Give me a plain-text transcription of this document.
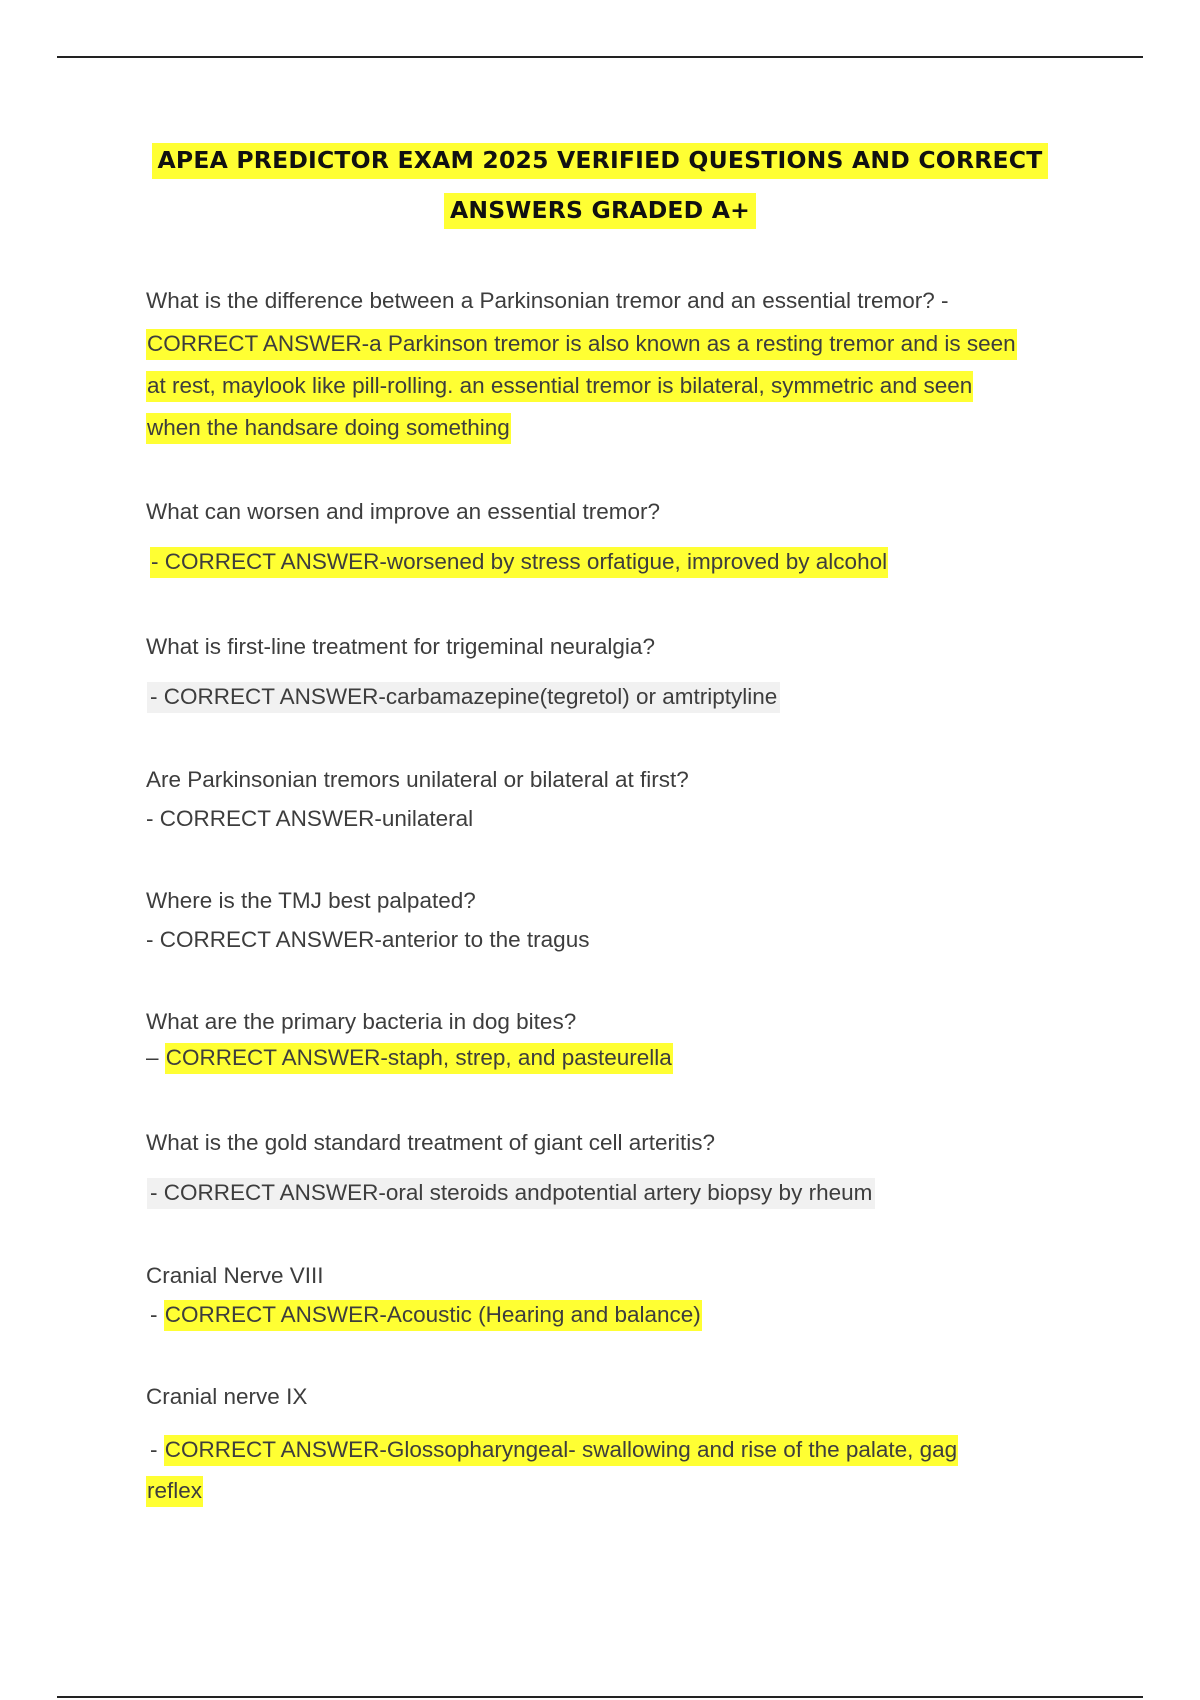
APEA PREDICTOR EXAM 2025 VERIFIED QUESTIONS AND CORRECT
ANSWERS GRADED A+
What is the difference between a Parkinsonian tremor and an essential tremor? -
CORRECT ANSWER-a Parkinson tremor is also known as a resting tremor and is seen
at rest, maylook like pill-rolling. an essential tremor is bilateral, symmetric and seen
when the handsare doing something
What can worsen and improve an essential tremor?
- CORRECT ANSWER-worsened by stress orfatigue, improved by alcohol
What is first-line treatment for trigeminal neuralgia?
- CORRECT ANSWER-carbamazepine(tegretol) or amtriptyline
Are Parkinsonian tremors unilateral or bilateral at first?
- CORRECT ANSWER-unilateral
Where is the TMJ best palpated?
- CORRECT ANSWER-anterior to the tragus
What are the primary bacteria in dog bites?
– CORRECT ANSWER-staph, strep, and pasteurella
What is the gold standard treatment of giant cell arteritis?
- CORRECT ANSWER-oral steroids andpotential artery biopsy by rheum
Cranial Nerve VIII
- CORRECT ANSWER-Acoustic (Hearing and balance)
Cranial nerve IX
- CORRECT ANSWER-Glossopharyngeal- swallowing and rise of the palate, gag
reflex
